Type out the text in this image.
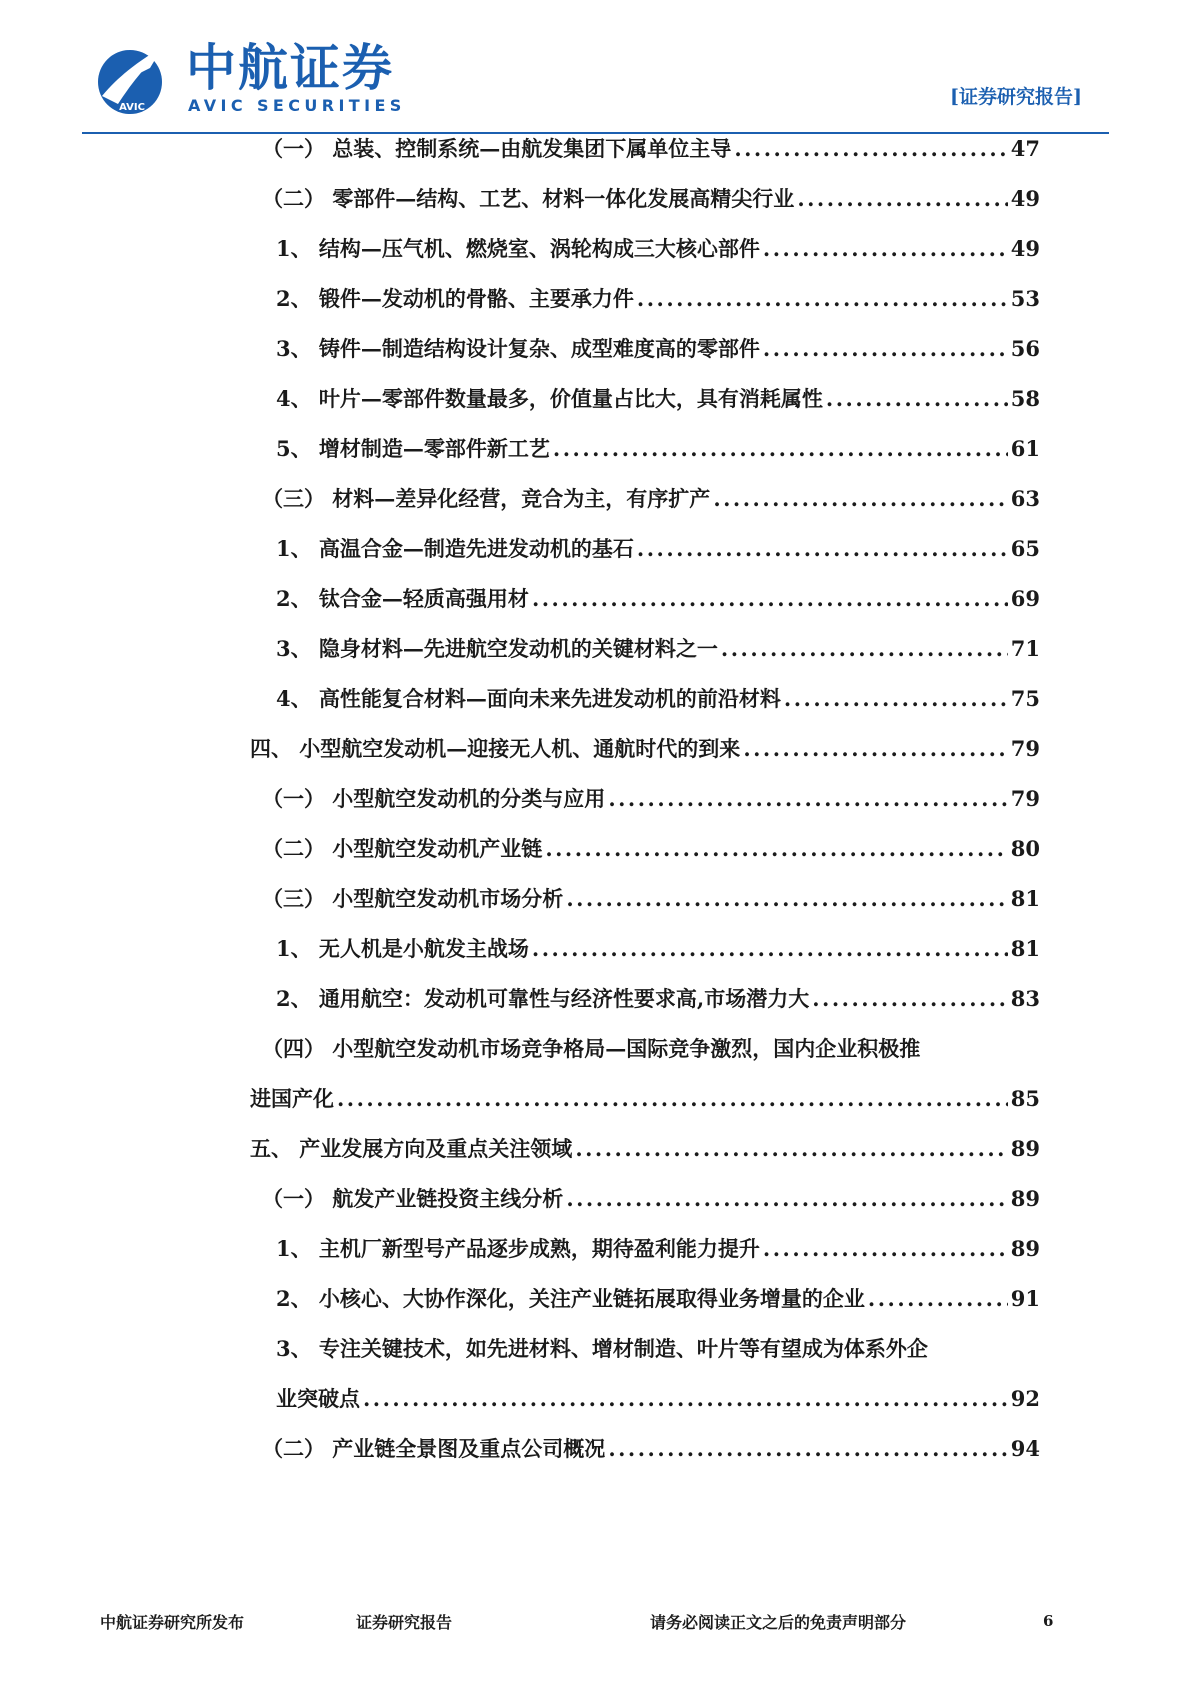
AVIC
中航证券
AVIC SECURITIES	[证券研究报告]
（一） 总装、控制系统—由航发集团下属单位主导 .....	47
（二） 零部件—结构、工艺、材料一体化发展高精尖行业 .....	49
1、 结构—压气机、燃烧室、涡轮构成三大核心部件 .....	49
2、 锻件—发动机的骨骼、主要承力件 .....	53
3、 铸件—制造结构设计复杂、成型难度高的零部件 .....	56
4、 叶片—零部件数量最多，价值量占比大，具有消耗属性 .....	58
5、 增材制造—零部件新工艺 .....	61
（三） 材料—差异化经营，竞合为主，有序扩产 .....	63
1、 高温合金—制造先进发动机的基石 .....	65
2、 钛合金—轻质高强用材 .....	69
3、 隐身材料—先进航空发动机的关键材料之一 .....	71
4、 高性能复合材料—面向未来先进发动机的前沿材料 .....	75
四、 小型航空发动机—迎接无人机、通航时代的到来 .....	79
（一） 小型航空发动机的分类与应用 .....	79
（二） 小型航空发动机产业链 .....	80
（三） 小型航空发动机市场分析 .....	81
1、 无人机是小航发主战场 .....	81
2、 通用航空：发动机可靠性与经济性要求高,市场潜力大 .....	83
（四） 小型航空发动机市场竞争格局—国际竞争激烈，国内企业积极推
进国产化 .....	85
五、 产业发展方向及重点关注领域 .....	89
（一） 航发产业链投资主线分析 .....	89
1、 主机厂新型号产品逐步成熟，期待盈利能力提升 .....	89
2、 小核心、大协作深化，关注产业链拓展取得业务增量的企业 .....	91
3、 专注关键技术，如先进材料、增材制造、叶片等有望成为体系外企
业突破点 .....	92
（二） 产业链全景图及重点公司概况 .....	94
中航证券研究所发布	证券研究报告	请务必阅读正文之后的免责声明部分	6
